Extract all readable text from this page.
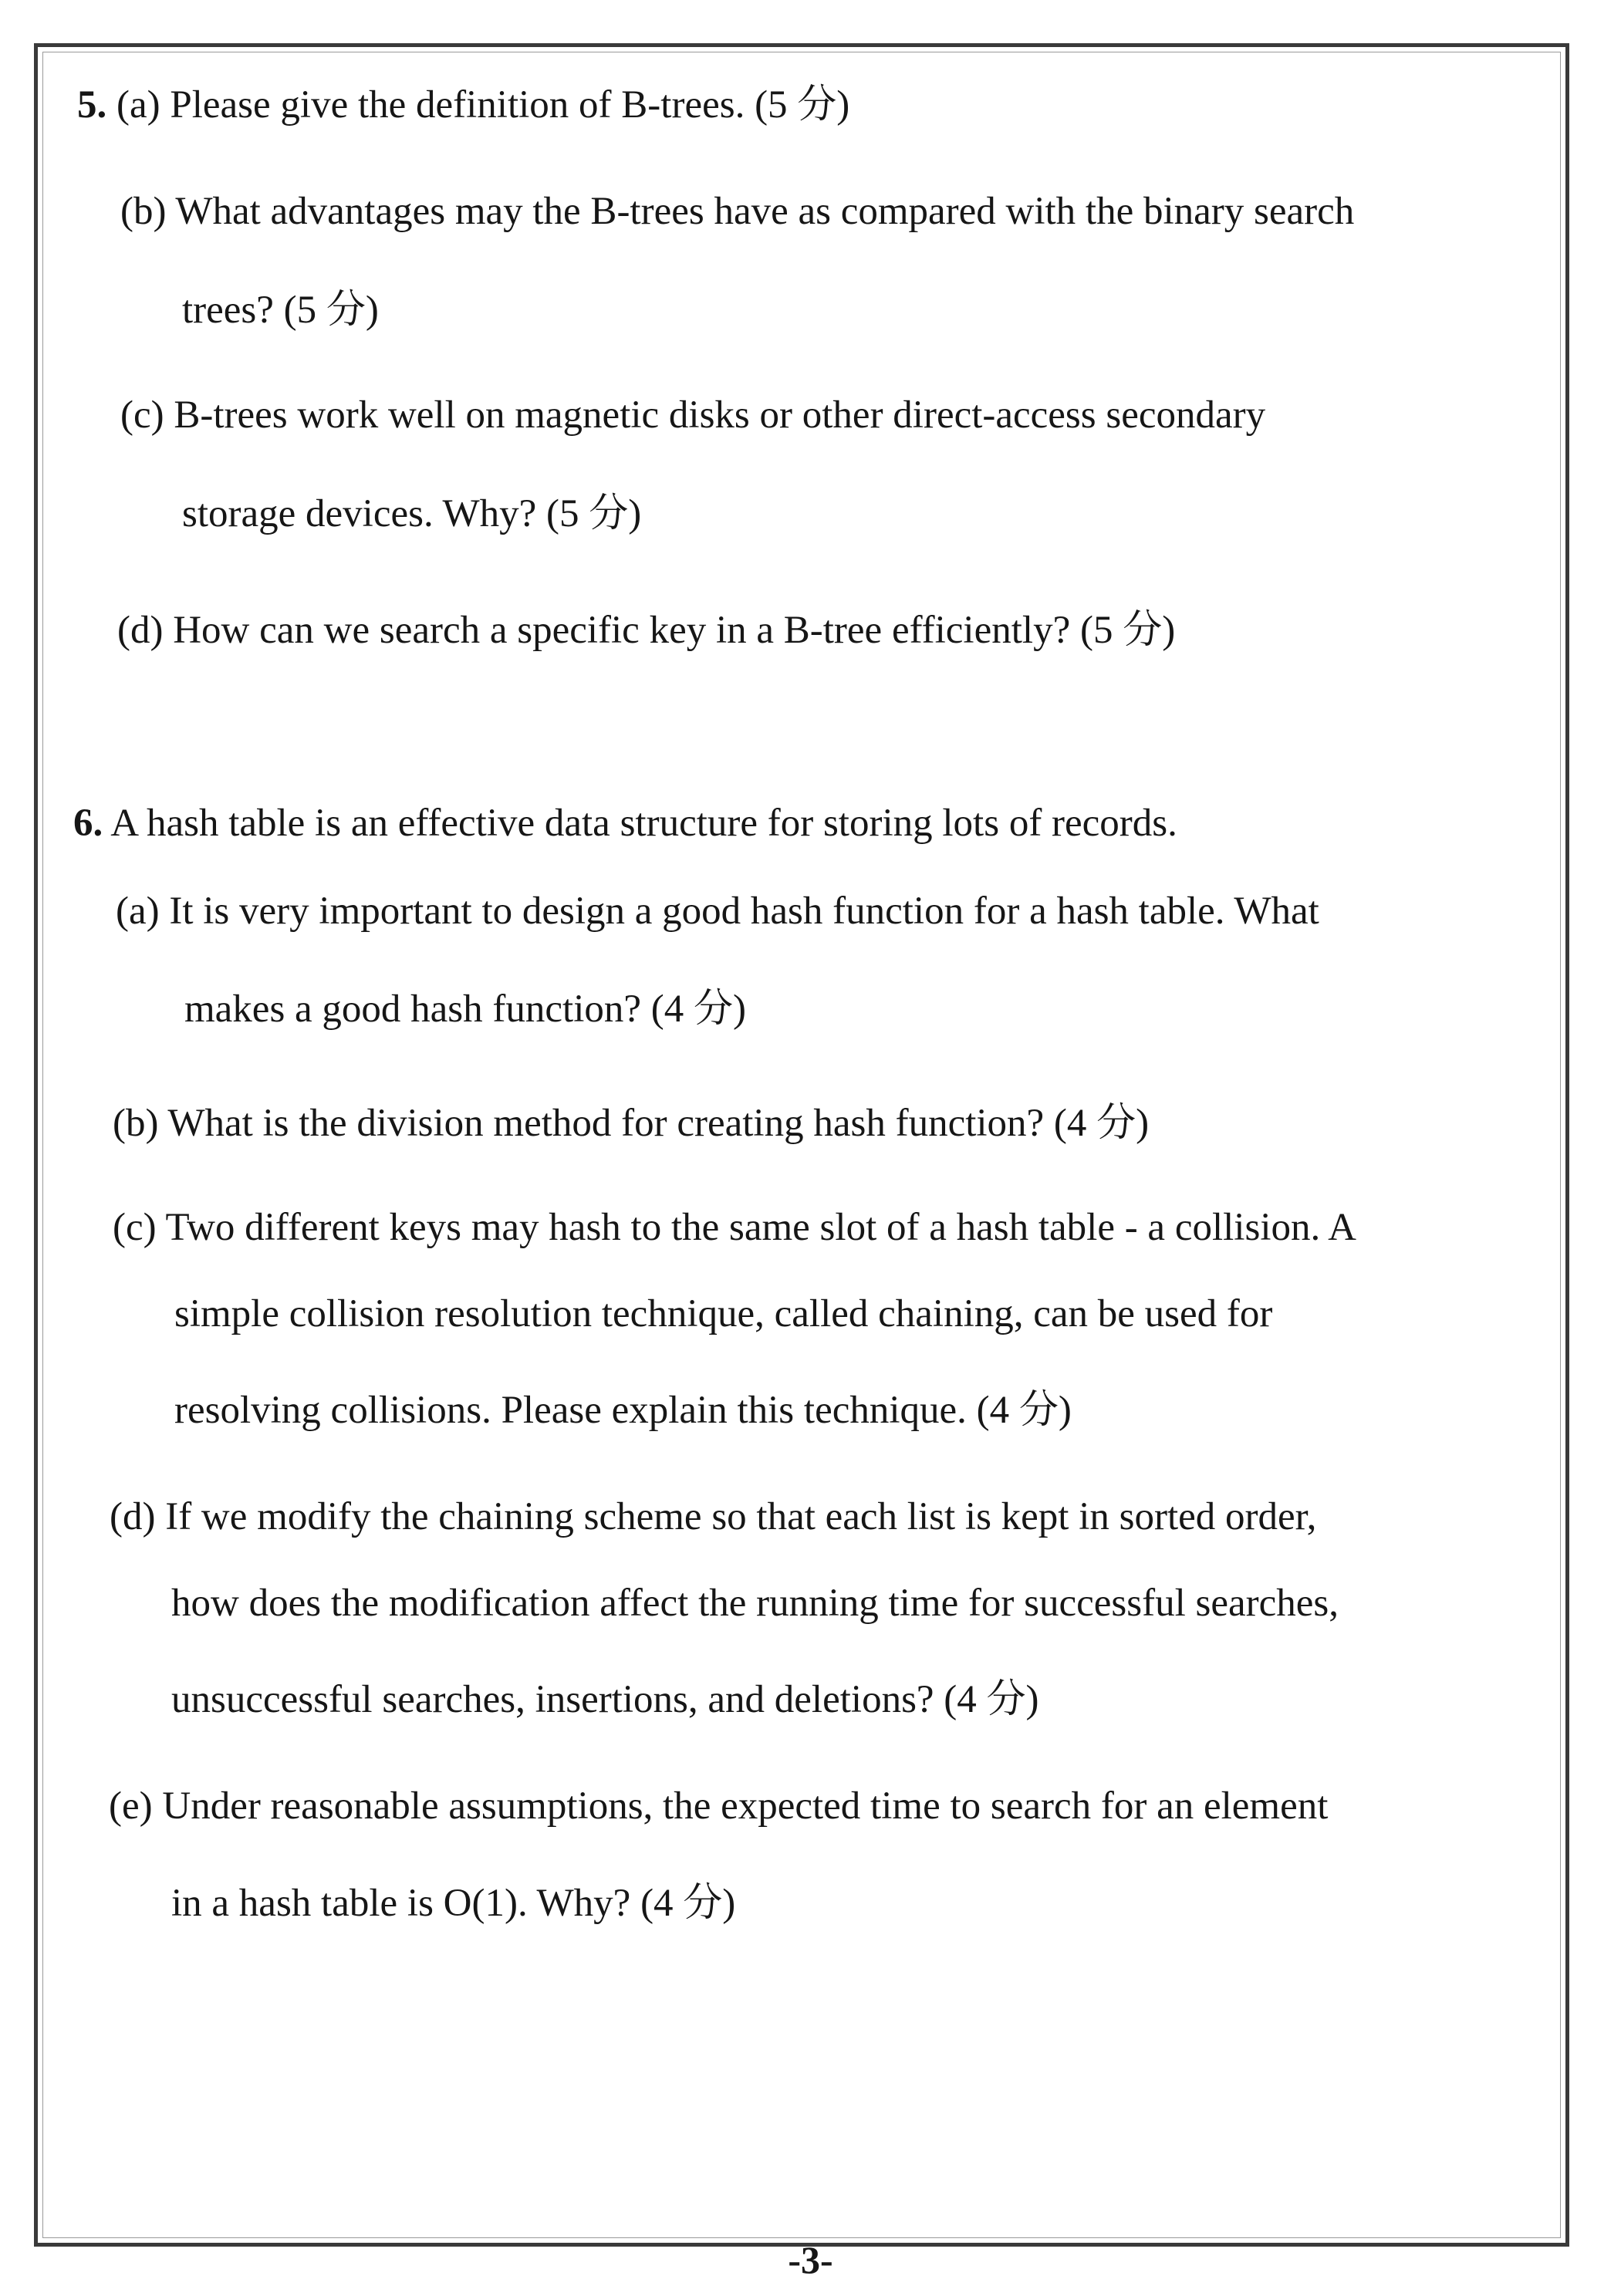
5. (a) Please give the definition of B-trees. (5 分)
(b) What advantages may the B-trees have as compared with the binary search
trees? (5 分)
(c) B-trees work well on magnetic disks or other direct-access secondary
storage devices. Why? (5 分)
(d) How can we search a specific key in a B-tree efficiently? (5 分)
6. A hash table is an effective data structure for storing lots of records.
(a) It is very important to design a good hash function for a hash table. What
makes a good hash function? (4 分)
(b) What is the division method for creating hash function? (4 分)
(c) Two different keys may hash to the same slot of a hash table - a collision. A
simple collision resolution technique, called chaining, can be used for
resolving collisions. Please explain this technique. (4 分)
(d) If we modify the chaining scheme so that each list is kept in sorted order,
how does the modification affect the running time for successful searches,
unsuccessful searches, insertions, and deletions? (4 分)
(e) Under reasonable assumptions, the expected time to search for an element
in a hash table is O(1). Why? (4 分)
-3-
